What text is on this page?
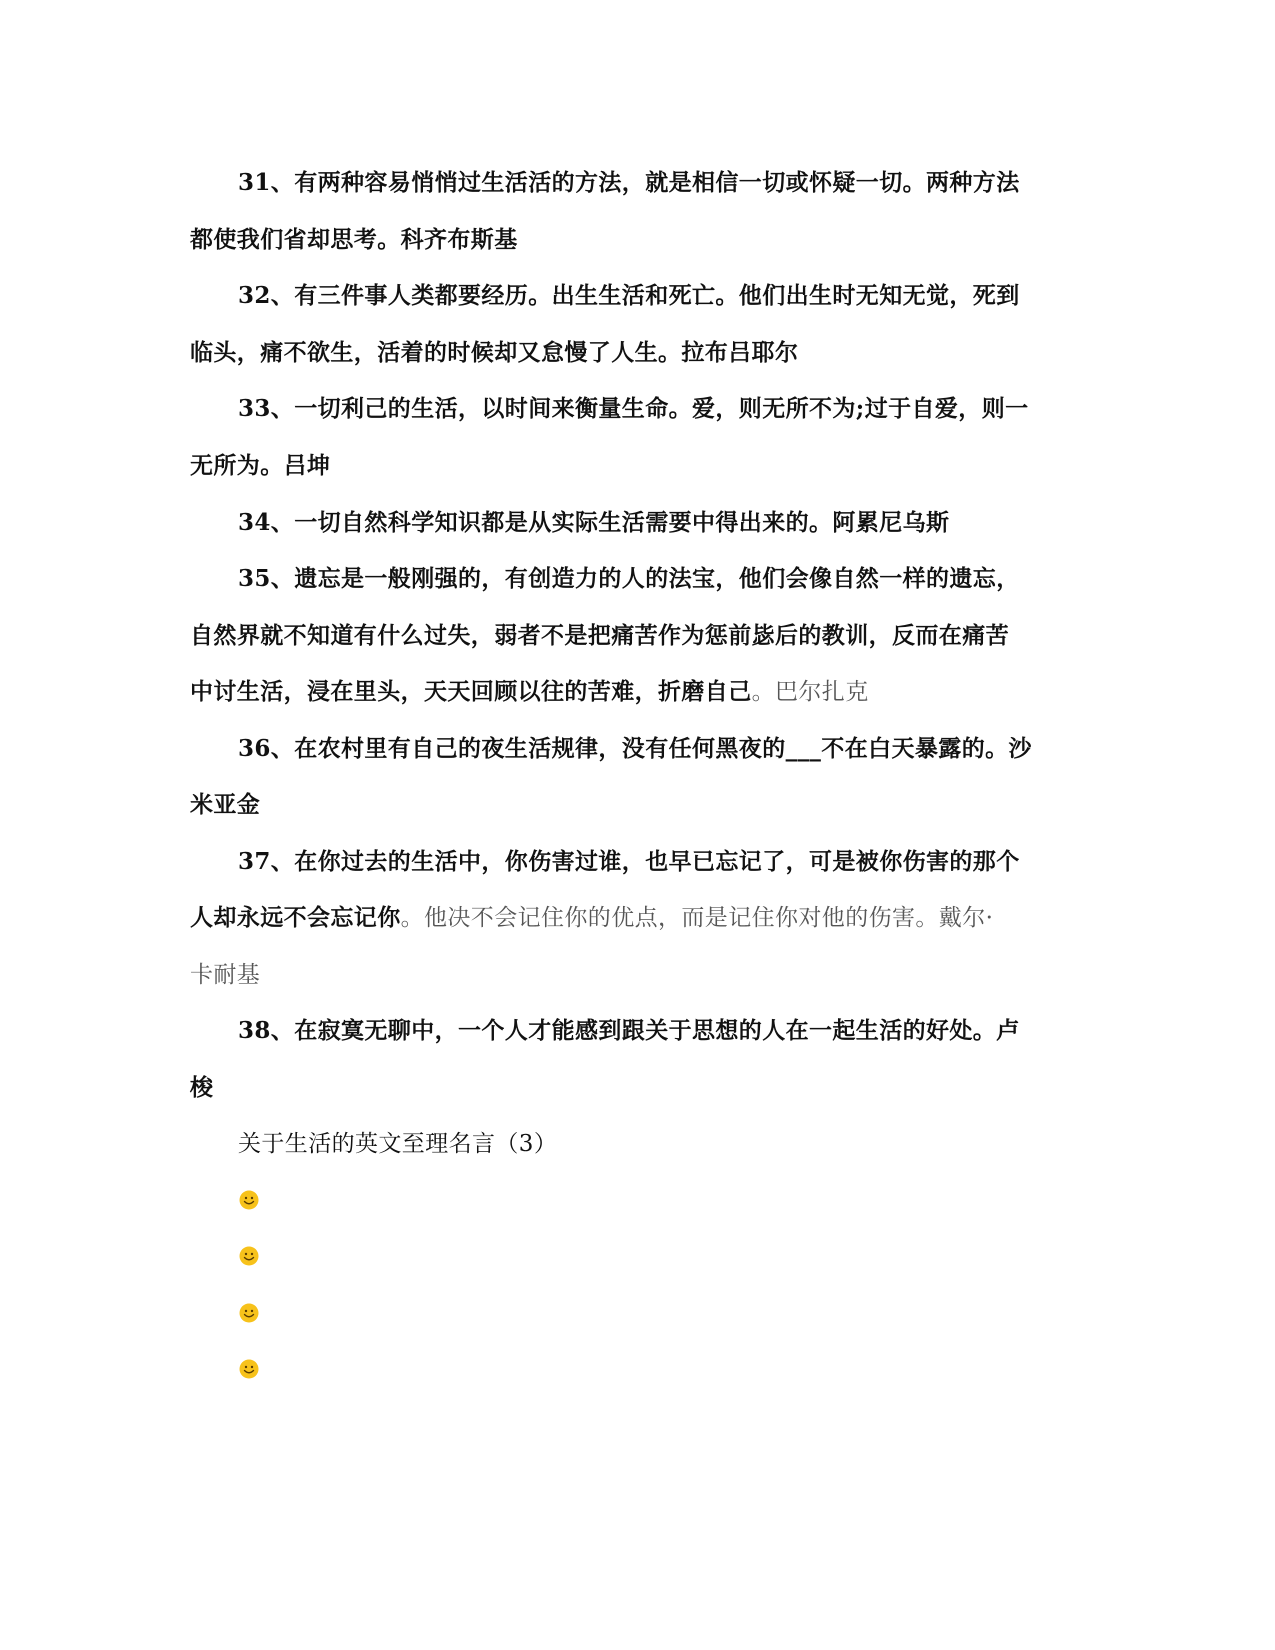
31、有两种容易悄悄过生活活的方法，就是相信一切或怀疑一切。两种方法
都使我们省却思考。科齐布斯基
32、有三件事人类都要经历。出生生活和死亡。他们出生时无知无觉，死到
临头，痛不欲生，活着的时候却又怠慢了人生。拉布吕耶尔
33、一切利己的生活，以时间来衡量生命。爱，则无所不为;过于自爱，则一
无所为。吕坤
34、一切自然科学知识都是从实际生活需要中得出来的。阿累尼乌斯
35、遗忘是一般刚强的，有创造力的人的法宝，他们会像自然一样的遗忘，
自然界就不知道有什么过失，弱者不是把痛苦作为惩前毖后的教训，反而在痛苦
中讨生活，浸在里头，天天回顾以往的苦难，折磨自己。巴尔扎克
36、在农村里有自己的夜生活规律，没有任何黑夜的___不在白天暴露的。沙
米亚金
37、在你过去的生活中，你伤害过谁，也早已忘记了，可是被你伤害的那个
人却永远不会忘记你。他决不会记住你的优点，而是记住你对他的伤害。戴尔·
卡耐基
38、在寂寞无聊中，一个人才能感到跟关于思想的人在一起生活的好处。卢
梭
关于生活的英文至理名言（3）
